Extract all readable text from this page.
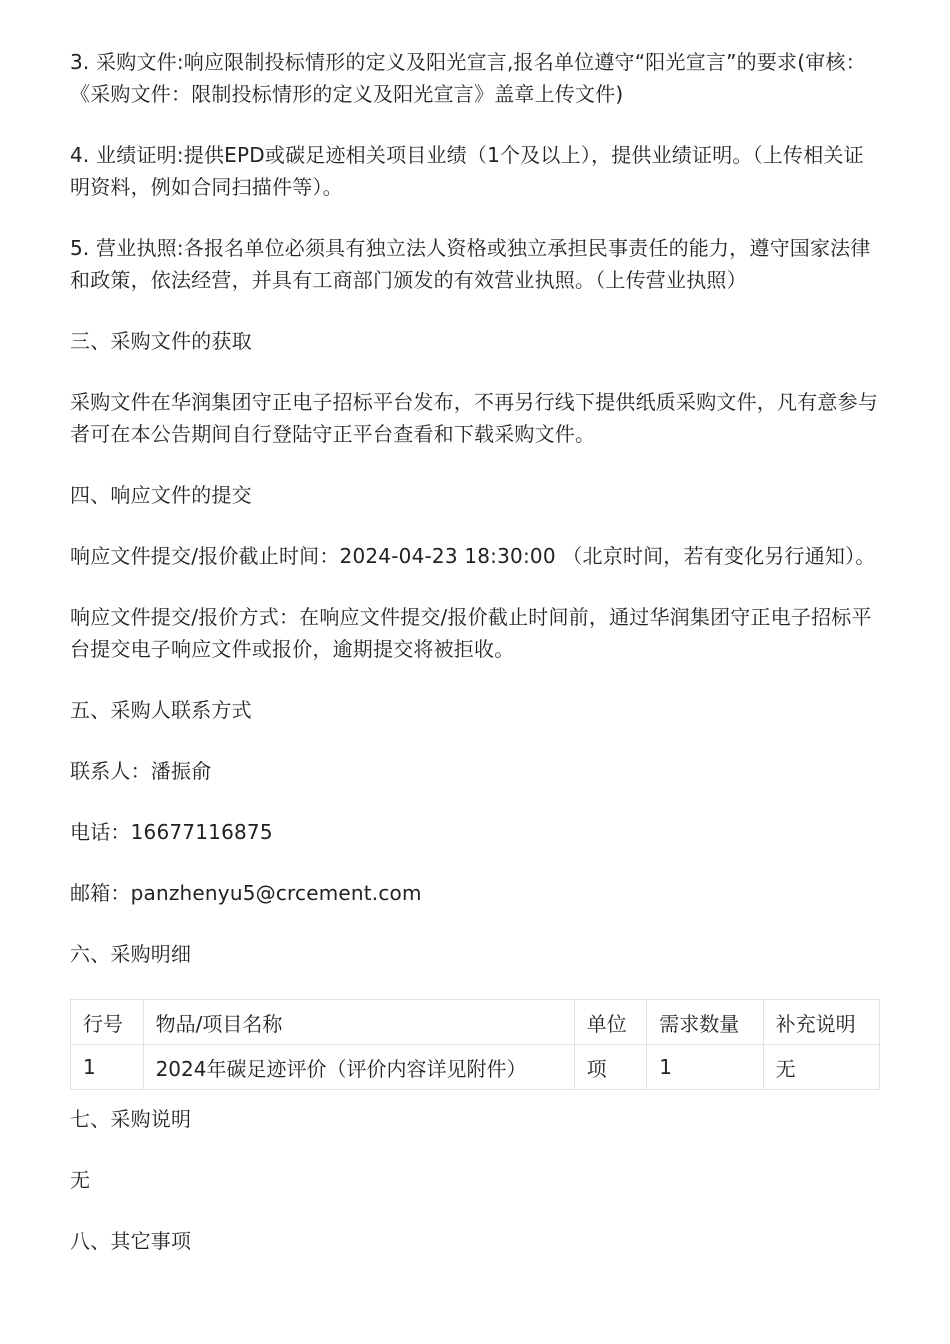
3. 采购文件:响应限制投标情形的定义及阳光宣言,报名单位遵守“阳光宣言”的要求(审核：《采购文件：限制投标情形的定义及阳光宣言》盖章上传文件)

4. 业绩证明:提供EPD或碳足迹相关项目业绩（1个及以上），提供业绩证明。（上传相关证明资料，例如合同扫描件等）。

5. 营业执照:各报名单位必须具有独立法人资格或独立承担民事责任的能力，遵守国家法律和政策，依法经营，并具有工商部门颁发的有效营业执照。（上传营业执照）

三、采购文件的获取

采购文件在华润集团守正电子招标平台发布，不再另行线下提供纸质采购文件，凡有意参与者可在本公告期间自行登陆守正平台查看和下载采购文件。

四、响应文件的提交

响应文件提交/报价截止时间：2024-04-23 18:30:00 （北京时间，若有变化另行通知）。

响应文件提交/报价方式：在响应文件提交/报价截止时间前，通过华润集团守正电子招标平台提交电子响应文件或报价，逾期提交将被拒收。

五、采购人联系方式

联系人：潘振俞

电话：16677116875

邮箱：panzhenyu5@crcement.com

六、采购明细

行号	物品/项目名称	单位	需求数量	补充说明
1	2024年碳足迹评价（评价内容详见附件）	项	1	无

七、采购说明

无

八、其它事项
